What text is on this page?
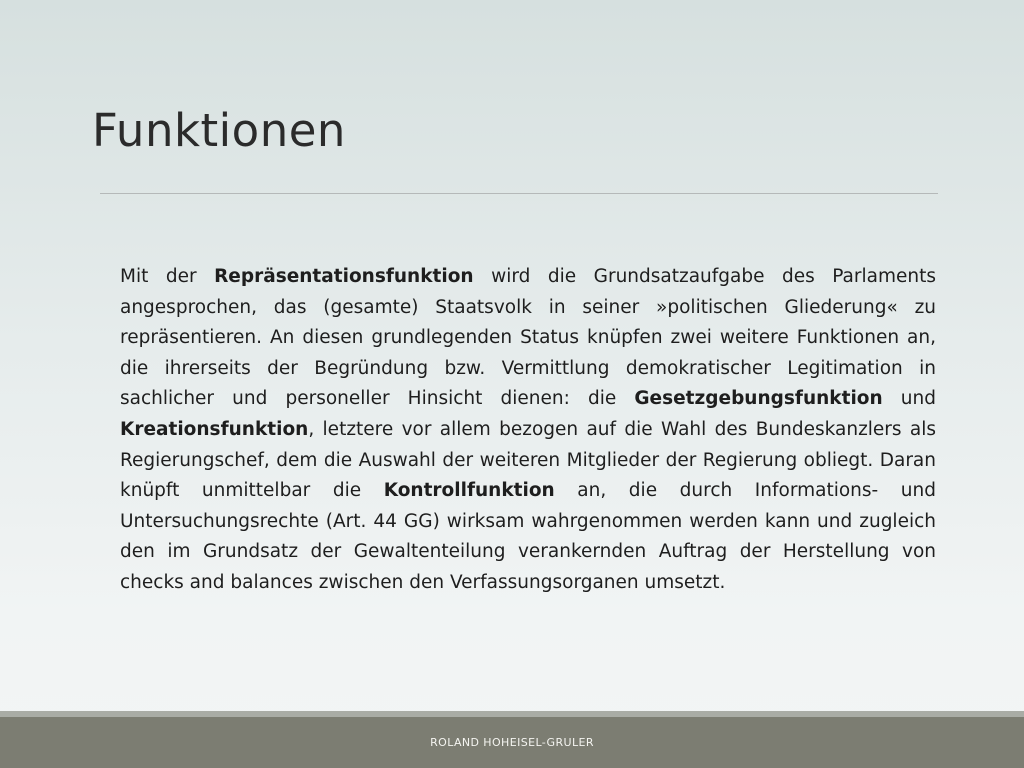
Funktionen

Mit der Repräsentationsfunktion wird die Grundsatzaufgabe des Parlaments angesprochen, das (gesamte) Staatsvolk in seiner »politischen Gliederung« zu repräsentieren. An diesen grundlegenden Status knüpfen zwei weitere Funktionen an, die ihrerseits der Begründung bzw. Vermittlung demokratischer Legitimation in sachlicher und personeller Hinsicht dienen: die Gesetzgebungsfunktion und Kreationsfunktion, letztere vor allem bezogen auf die Wahl des Bundeskanzlers als Regierungschef, dem die Auswahl der weiteren Mitglieder der Regierung obliegt. Daran knüpft unmittelbar die Kontrollfunktion an, die durch Informations- und Untersuchungsrechte (Art. 44 GG) wirksam wahrgenommen werden kann und zugleich den im Grundsatz der Gewaltenteilung verankernden Auftrag der Herstellung von checks and balances zwischen den Verfassungsorganen umsetzt.

ROLAND HOHEISEL-GRULER
